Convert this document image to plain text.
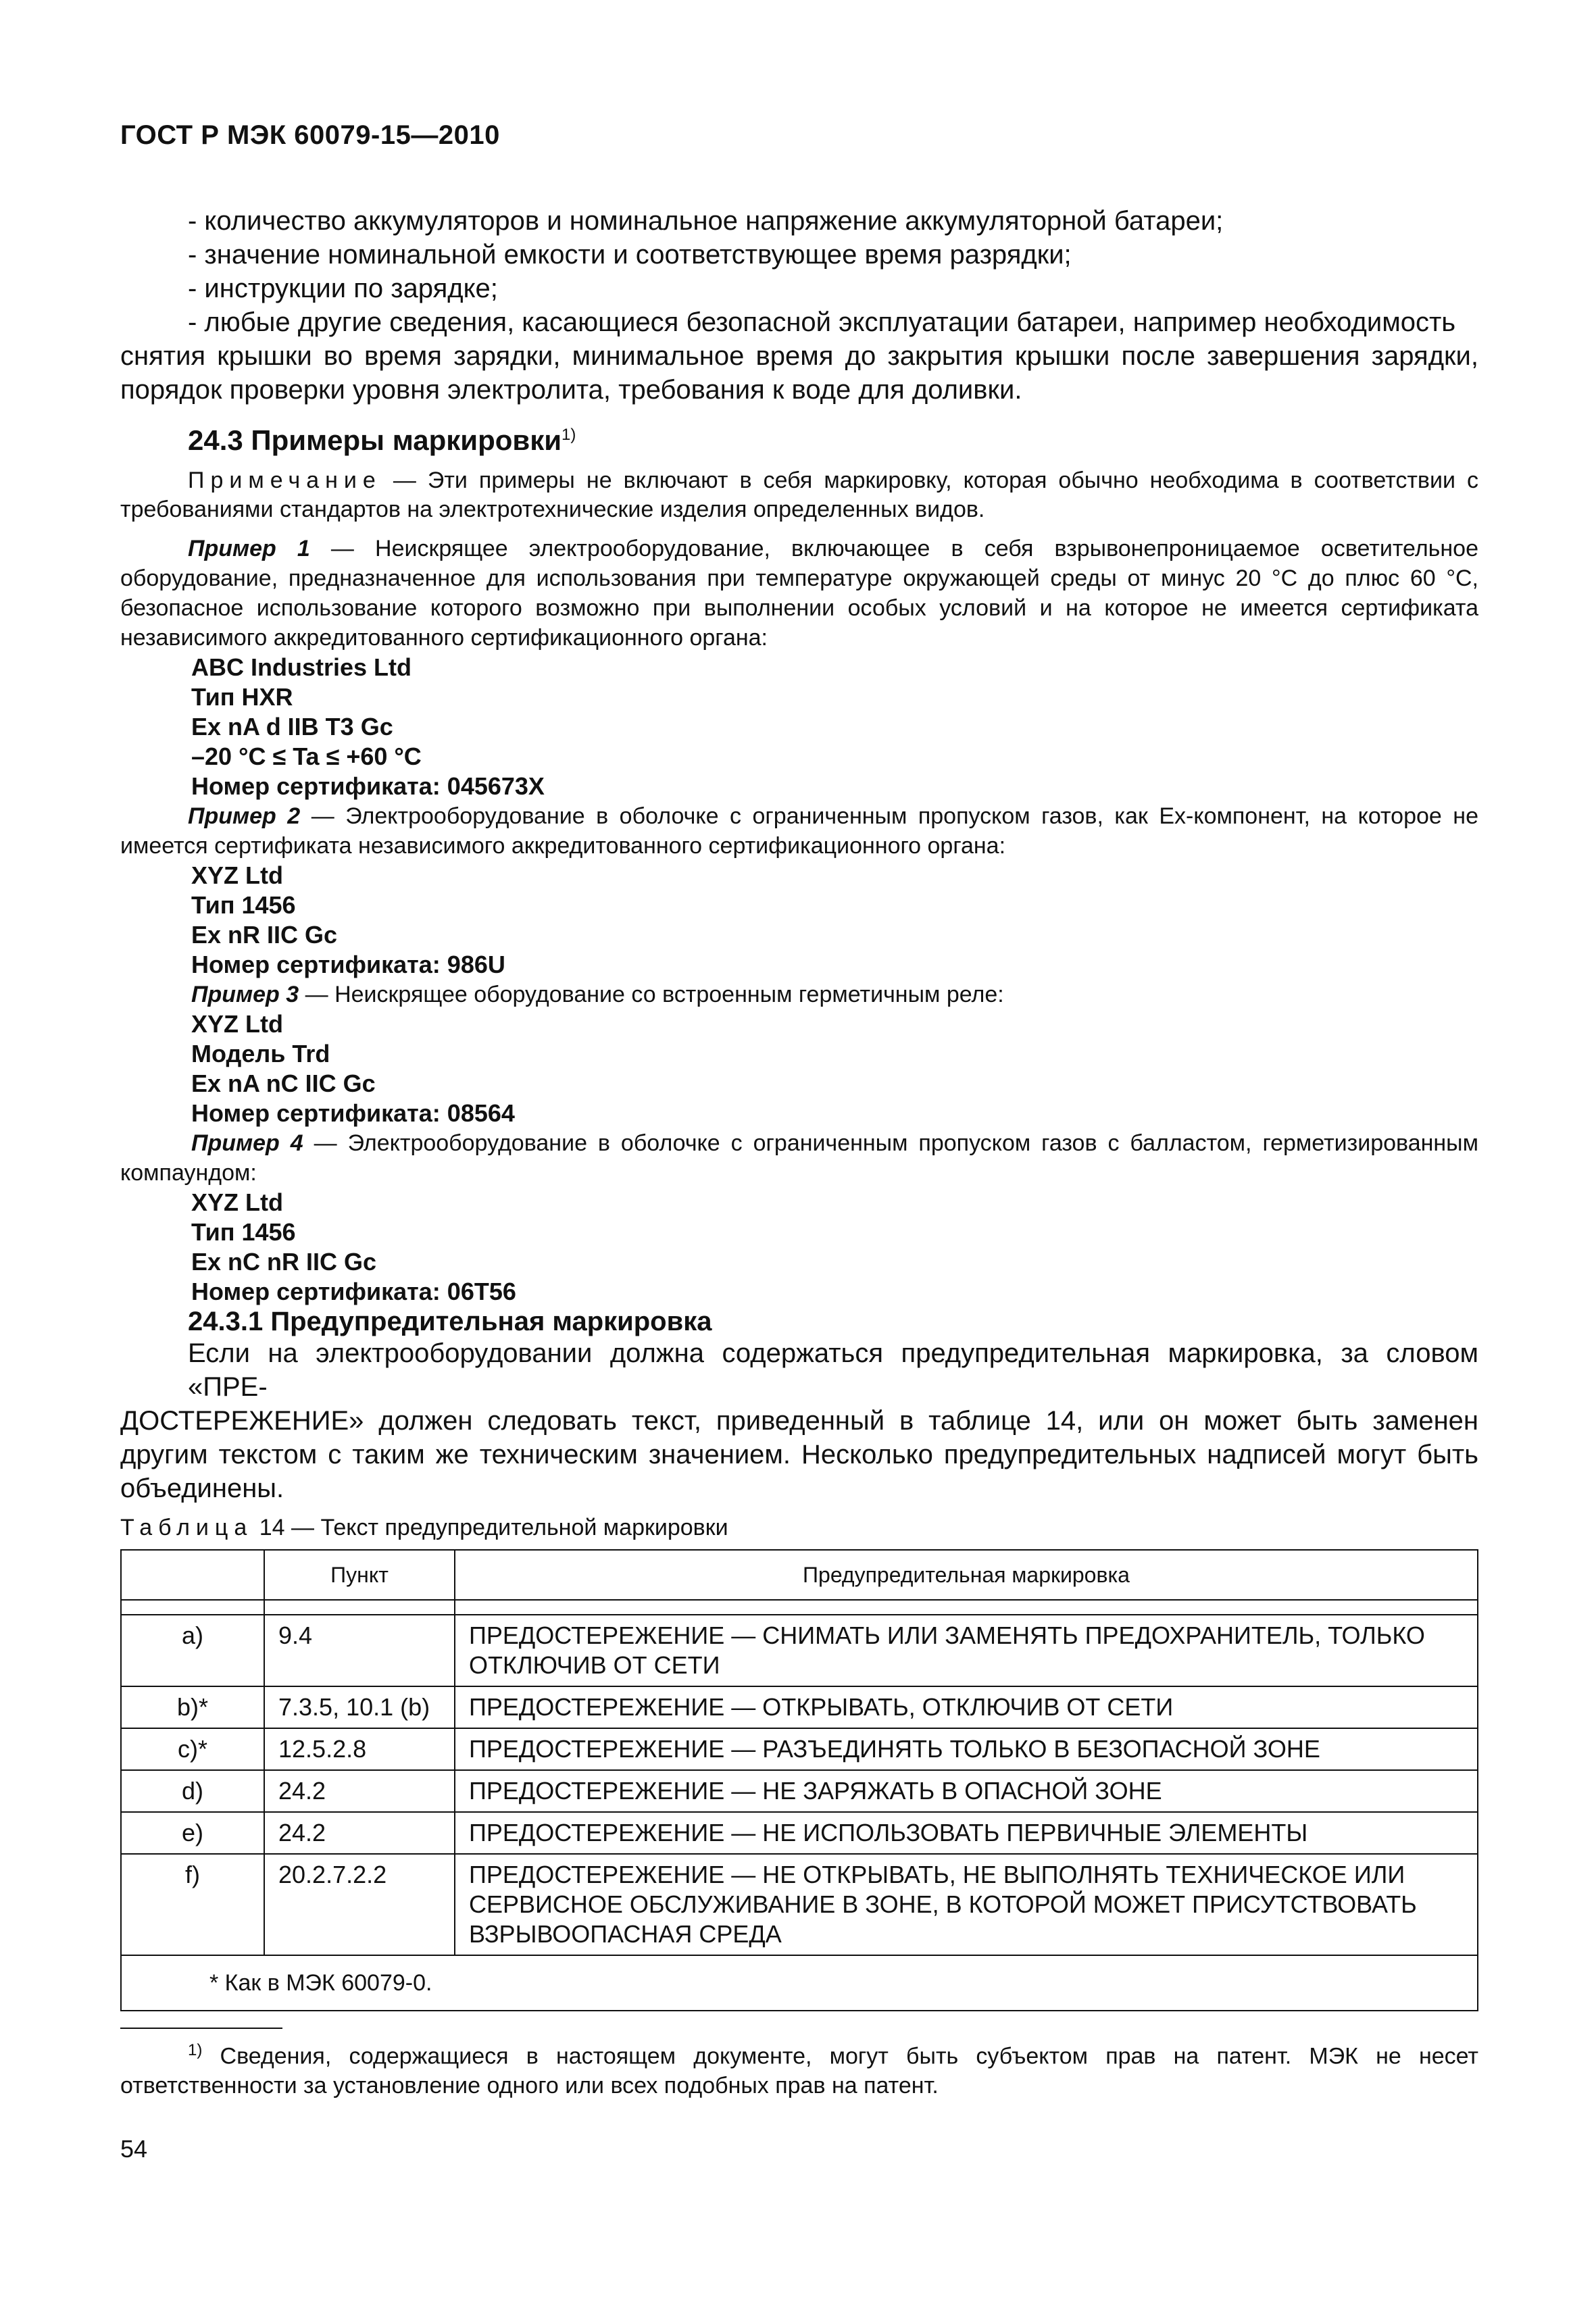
ГОСТ Р МЭК 60079-15—2010

- количество аккумуляторов и номинальное напряжение аккумуляторной батареи;

- значение номинальной емкости и соответствующее время разрядки;

- инструкции по зарядке;

- любые другие сведения, касающиеся безопасной эксплуатации батареи, например необходимость снятия крышки во время зарядки, минимальное время до закрытия крышки после завершения зарядки, порядок проверки уровня электролита, требования к воде для доливки.

24.3 Примеры маркировки$^{1)}$

Примечание — Эти примеры не включают в себя маркировку, которая обычно необходима в соответствии с требованиями стандартов на электротехнические изделия определенных видов.

Пример 1 — Неискрящее электрооборудование, включающее в себя взрывонепроницаемое осветительное оборудование, предназначенное для использования при температуре окружающей среды от минус 20 °С до плюс 60 °С, безопасное использование которого возможно при выполнении особых условий и на которое не имеется сертификата независимого аккредитованного сертификационного органа:

ABC Industries Ltd

Тип HXR

Ex nA d IIB T3 Gc

–20 °C ≤ Ta ≤ +60 °C

Номер сертификата: 045673X

Пример 2 — Электрооборудование в оболочке с ограниченным пропуском газов, как Ex-компонент, на которое не имеется сертификата независимого аккредитованного сертификационного органа:

XYZ Ltd

Тип 1456

Ex nR IIC Gc

Номер сертификата: 986U

Пример 3 — Неискрящее оборудование со встроенным герметичным реле:

XYZ Ltd

Модель Trd

Ex nA nC IIC Gc

Номер сертификата: 08564

Пример 4 — Электрооборудование в оболочке с ограниченным пропуском газов с балластом, герметизированным компаундом:

XYZ Ltd

Тип 1456

Ex nC nR IIC Gc

Номер сертификата: 06T56

24.3.1 Предупредительная маркировка

Если на электрооборудовании должна содержаться предупредительная маркировка, за словом «ПРЕ- ДОСТЕРЕЖЕНИЕ» должен следовать текст, приведенный в таблице 14, или он может быть заменен другим текстом с таким же техническим значением. Несколько предупредительных надписей могут быть объединены.

Таблица 14 — Текст предупредительной маркировки
	Пункт	Предупредительная маркировка

a)	9.4	ПРЕДОСТЕРЕЖЕНИЕ — СНИМАТЬ ИЛИ ЗАМЕНЯТЬ ПРЕДОХРАНИТЕЛЬ, ТОЛЬКО ОТКЛЮЧИВ ОТ СЕТИ
b)*	7.3.5, 10.1 (b)	ПРЕДОСТЕРЕЖЕНИЕ — ОТКРЫВАТЬ, ОТКЛЮЧИВ ОТ СЕТИ
c)*	12.5.2.8	ПРЕДОСТЕРЕЖЕНИЕ — РАЗЪЕДИНЯТЬ ТОЛЬКО В БЕЗОПАСНОЙ ЗОНЕ
d)	24.2	ПРЕДОСТЕРЕЖЕНИЕ — НЕ ЗАРЯЖАТЬ В ОПАСНОЙ ЗОНЕ
e)	24.2	ПРЕДОСТЕРЕЖЕНИЕ — НЕ ИСПОЛЬЗОВАТЬ ПЕРВИЧНЫЕ ЭЛЕМЕНТЫ
f)	20.2.7.2.2	ПРЕДОСТЕРЕЖЕНИЕ — НЕ ОТКРЫВАТЬ, НЕ ВЫПОЛНЯТЬ ТЕХНИЧЕСКОЕ ИЛИ СЕРВИСНОЕ ОБСЛУЖИВАНИЕ В ЗОНЕ, В КОТОРОЙ МОЖЕТ ПРИСУТСТВОВАТЬ ВЗРЫВООПАСНАЯ СРЕДА
* Как в МЭК 60079-0.		

$^{1)}$ Сведения, содержащиеся в настоящем документе, могут быть субъектом прав на патент. МЭК не несет ответственности за установление одного или всех подобных прав на патент.

54
